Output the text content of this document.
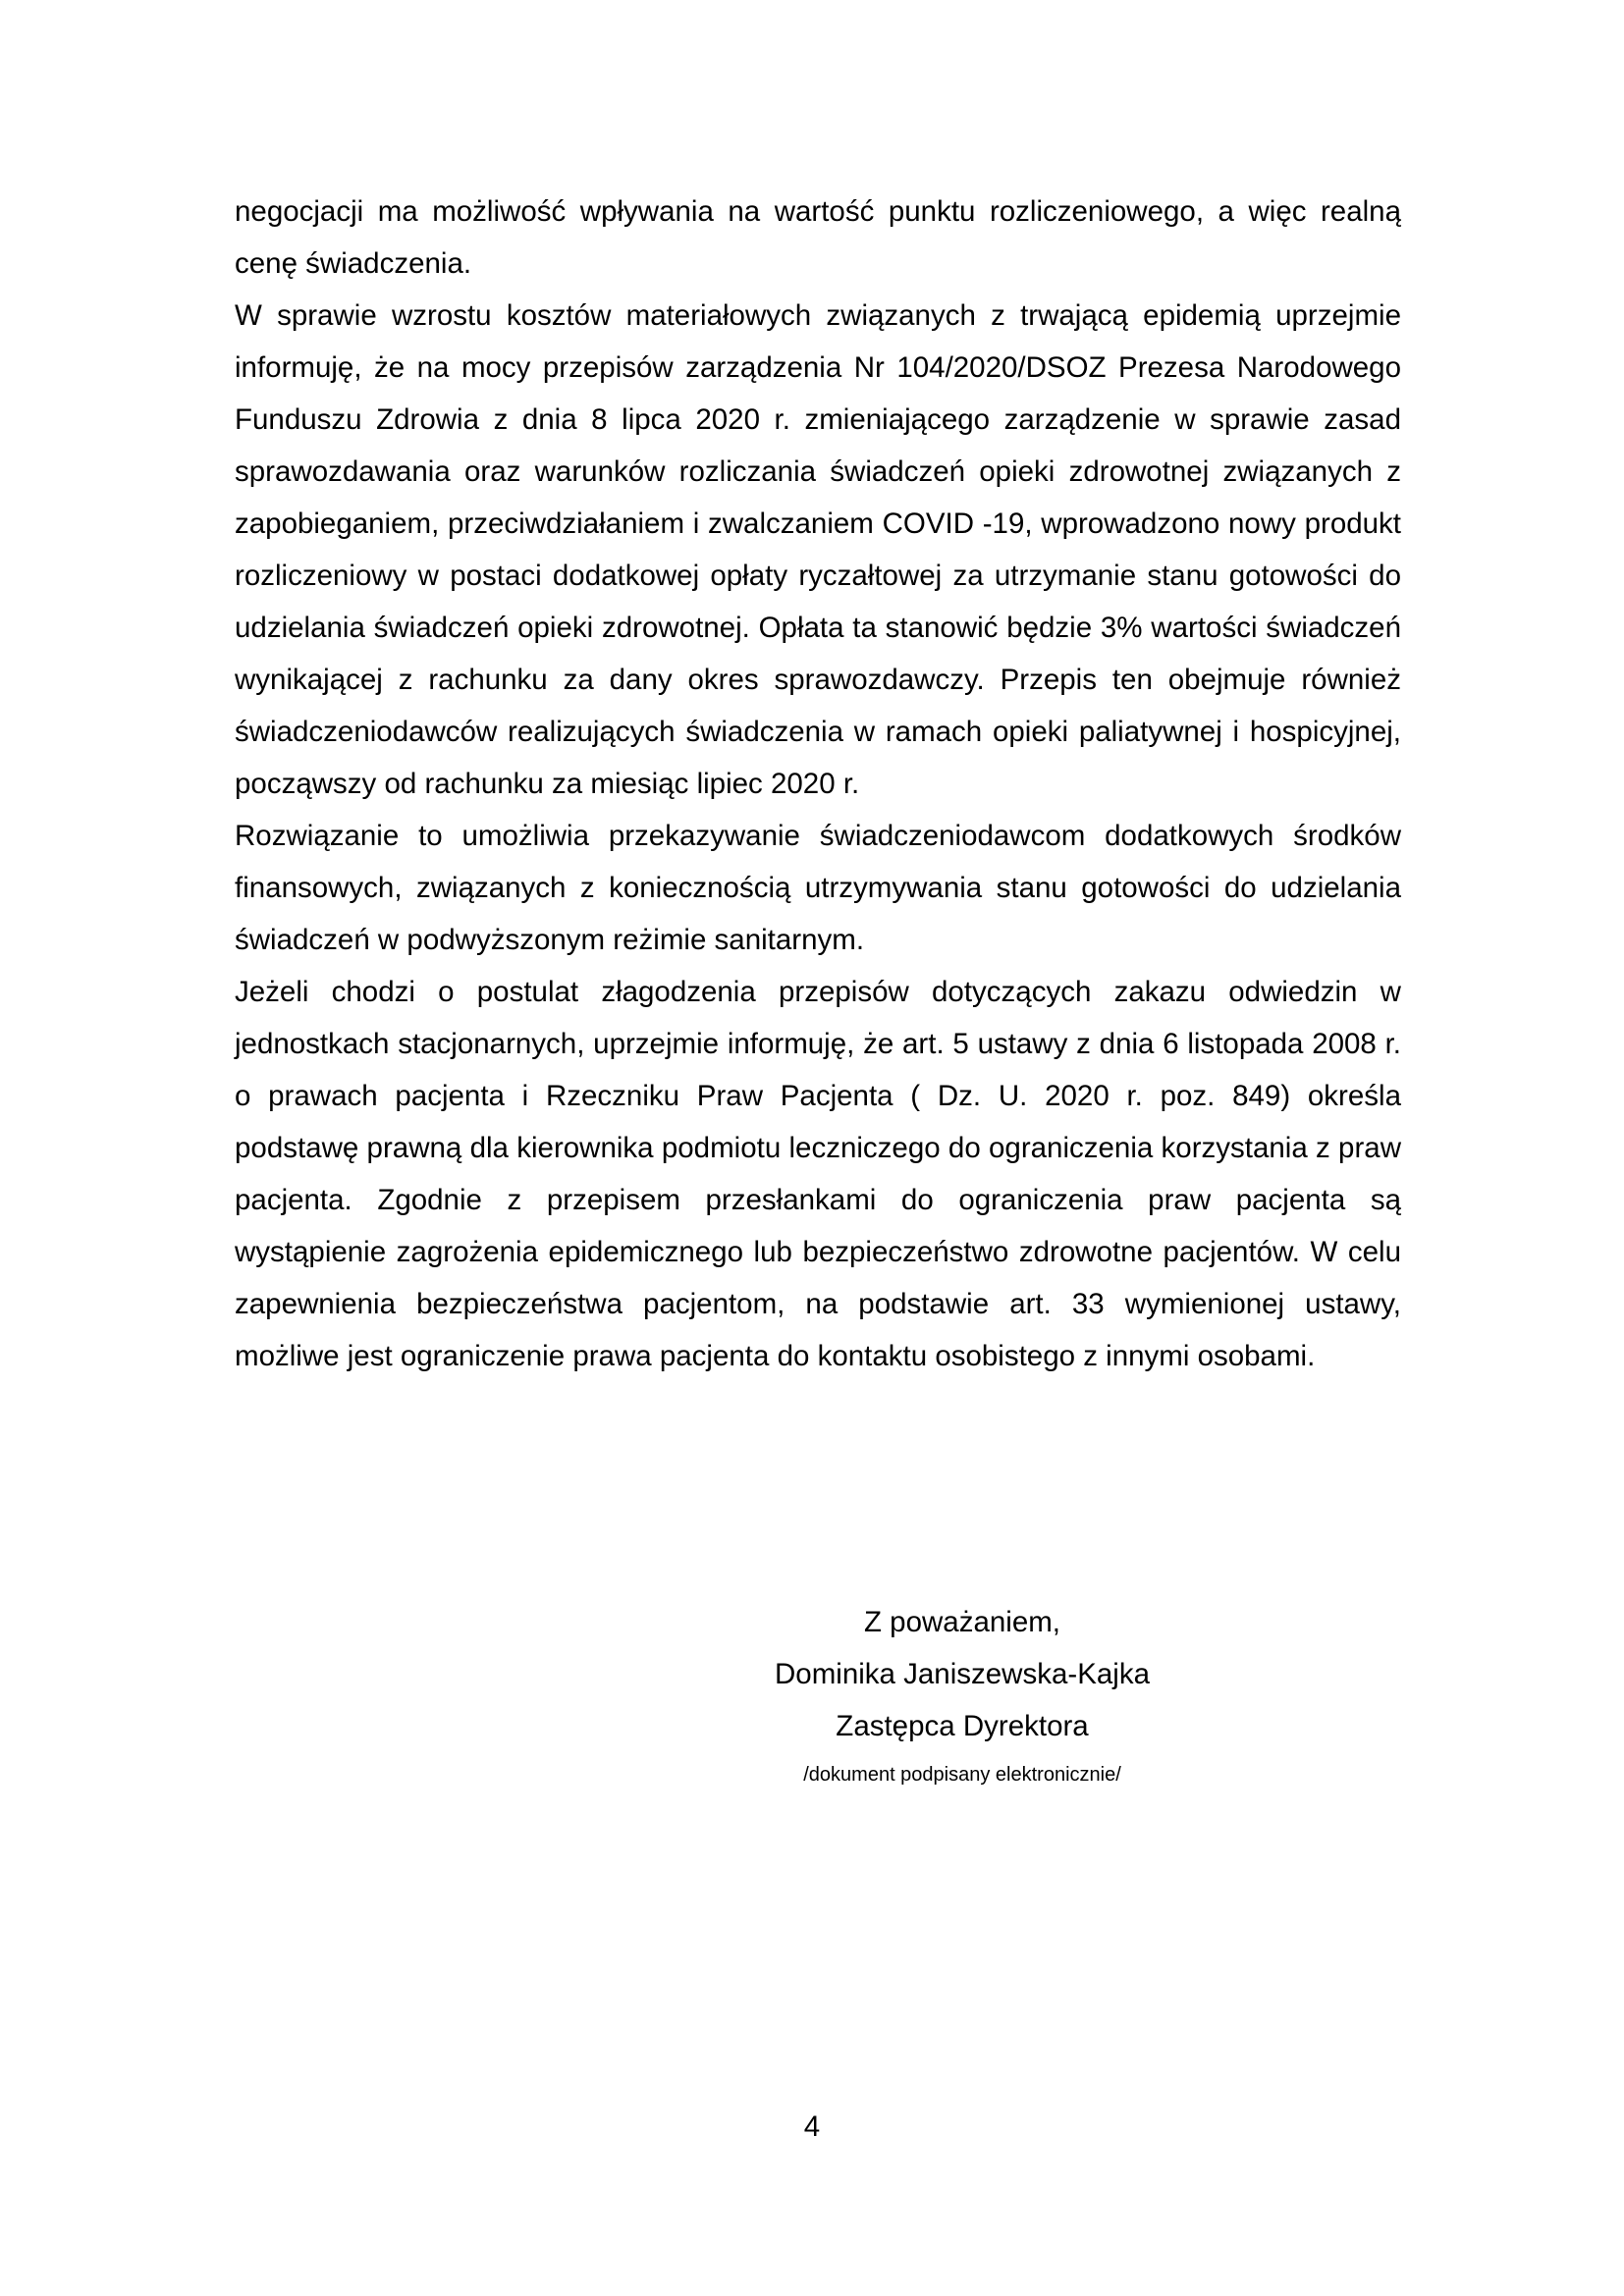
negocjacji ma możliwość wpływania na wartość punktu rozliczeniowego, a więc realną cenę świadczenia.

W sprawie wzrostu kosztów materiałowych związanych z trwającą epidemią uprzejmie informuję, że na mocy przepisów zarządzenia Nr 104/2020/DSOZ Prezesa Narodowego Funduszu Zdrowia z dnia 8 lipca 2020 r. zmieniającego zarządzenie w sprawie zasad sprawozdawania oraz warunków rozliczania świadczeń opieki zdrowotnej związanych z zapobieganiem, przeciwdziałaniem i zwalczaniem COVID -19, wprowadzono nowy produkt rozliczeniowy w postaci dodatkowej opłaty ryczałtowej za utrzymanie stanu gotowości do udzielania świadczeń opieki zdrowotnej. Opłata ta stanowić będzie 3% wartości świadczeń wynikającej z rachunku za dany okres sprawozdawczy. Przepis ten obejmuje również świadczeniodawców realizujących świadczenia w ramach opieki paliatywnej i hospicyjnej, począwszy od rachunku za miesiąc lipiec 2020 r.

Rozwiązanie to umożliwia przekazywanie świadczeniodawcom dodatkowych środków finansowych, związanych z koniecznością utrzymywania stanu gotowości do udzielania świadczeń w podwyższonym reżimie sanitarnym.

Jeżeli chodzi o postulat złagodzenia przepisów dotyczących zakazu odwiedzin w jednostkach stacjonarnych, uprzejmie informuję, że art. 5 ustawy z dnia 6 listopada 2008 r. o prawach pacjenta i Rzeczniku Praw Pacjenta ( Dz. U. 2020 r. poz. 849) określa podstawę prawną dla kierownika podmiotu leczniczego do ograniczenia korzystania z praw pacjenta. Zgodnie z przepisem przesłankami do ograniczenia praw pacjenta są wystąpienie zagrożenia epidemicznego lub bezpieczeństwo zdrowotne pacjentów. W celu zapewnienia bezpieczeństwa pacjentom, na podstawie art. 33 wymienionej ustawy, możliwe jest ograniczenie prawa pacjenta do kontaktu osobistego z innymi osobami.

Z poważaniem,
Dominika Janiszewska-Kajka
Zastępca Dyrektora
/dokument podpisany elektronicznie/
4
